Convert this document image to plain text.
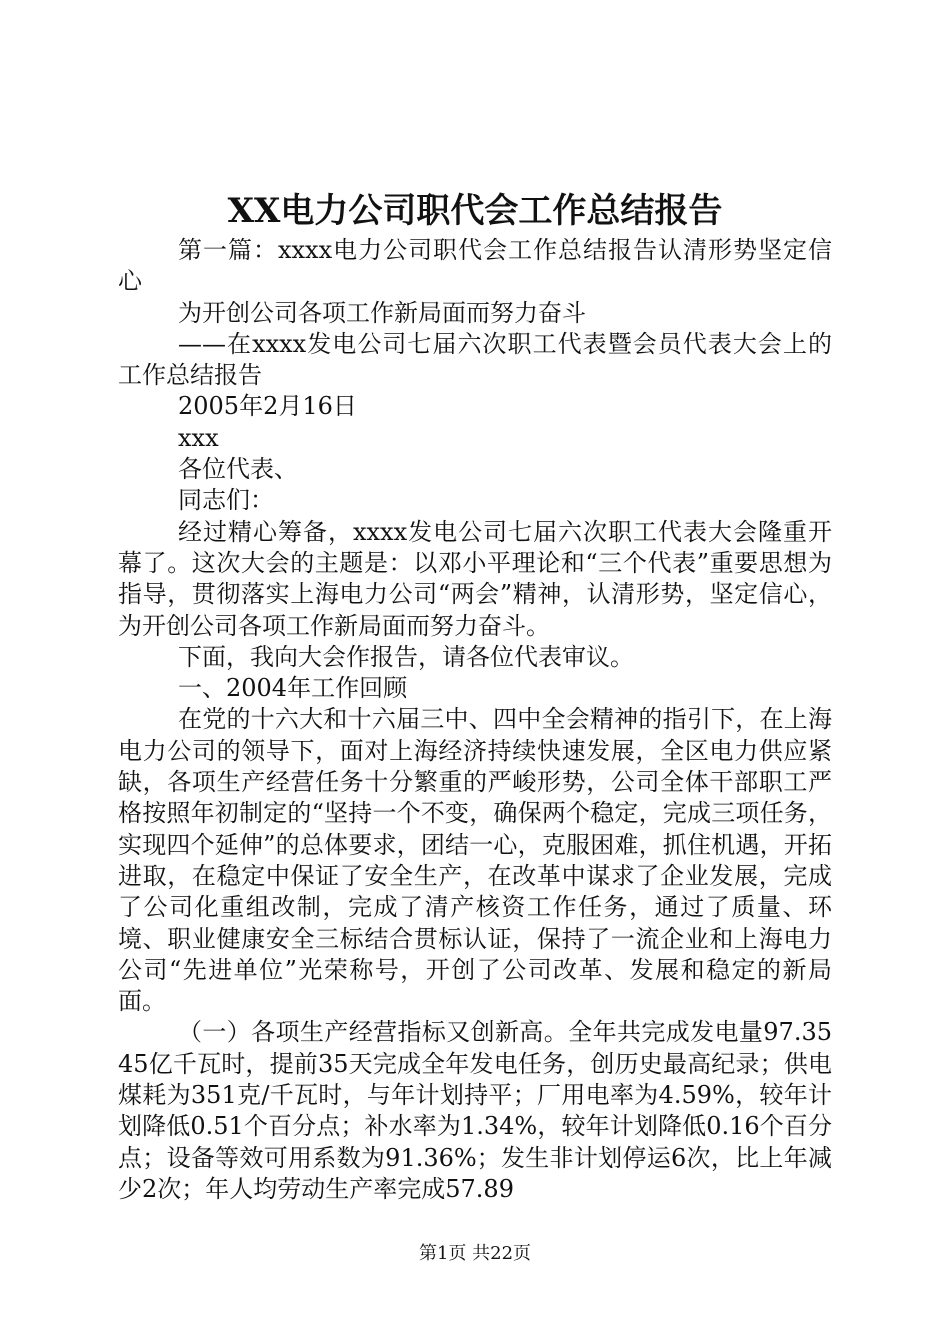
XX电力公司职代会工作总结报告

第一篇：xxxx电力公司职代会工作总结报告认清形势坚定信心

为开创公司各项工作新局面而努力奋斗

——在xxxx发电公司七届六次职工代表暨会员代表大会上的工作总结报告

2005年2月16日

xxx

各位代表、

同志们：

经过精心筹备，xxxx发电公司七届六次职工代表大会隆重开幕了。这次大会的主题是：以邓小平理论和“三个代表”重要思想为指导，贯彻落实上海电力公司“两会”精神，认清形势，坚定信心，为开创公司各项工作新局面而努力奋斗。

下面，我向大会作报告，请各位代表审议。

一、2004年工作回顾

在党的十六大和十六届三中、四中全会精神的指引下，在上海电力公司的领导下，面对上海经济持续快速发展，全区电力供应紧缺，各项生产经营任务十分繁重的严峻形势，公司全体干部职工严格按照年初制定的“坚持一个不变，确保两个稳定，完成三项任务，实现四个延伸”的总体要求，团结一心，克服困难，抓住机遇，开拓进取，在稳定中保证了安全生产，在改革中谋求了企业发展，完成了公司化重组改制，完成了清产核资工作任务，通过了质量、环境、职业健康安全三标结合贯标认证，保持了一流企业和上海电力公司“先进单位”光荣称号，开创了公司改革、发展和稳定的新局面。

（一）各项生产经营指标又创新高。全年共完成发电量97.3545亿千瓦时，提前35天完成全年发电任务，创历史最高纪录；供电煤耗为351克/千瓦时，与年计划持平；厂用电率为4.59%，较年计划降低0.51个百分点；补水率为1.34%，较年计划降低0.16个百分点；设备等效可用系数为91.36%；发生非计划停运6次，比上年减少2次；年人均劳动生产率完成57.89

第1页 共22页
